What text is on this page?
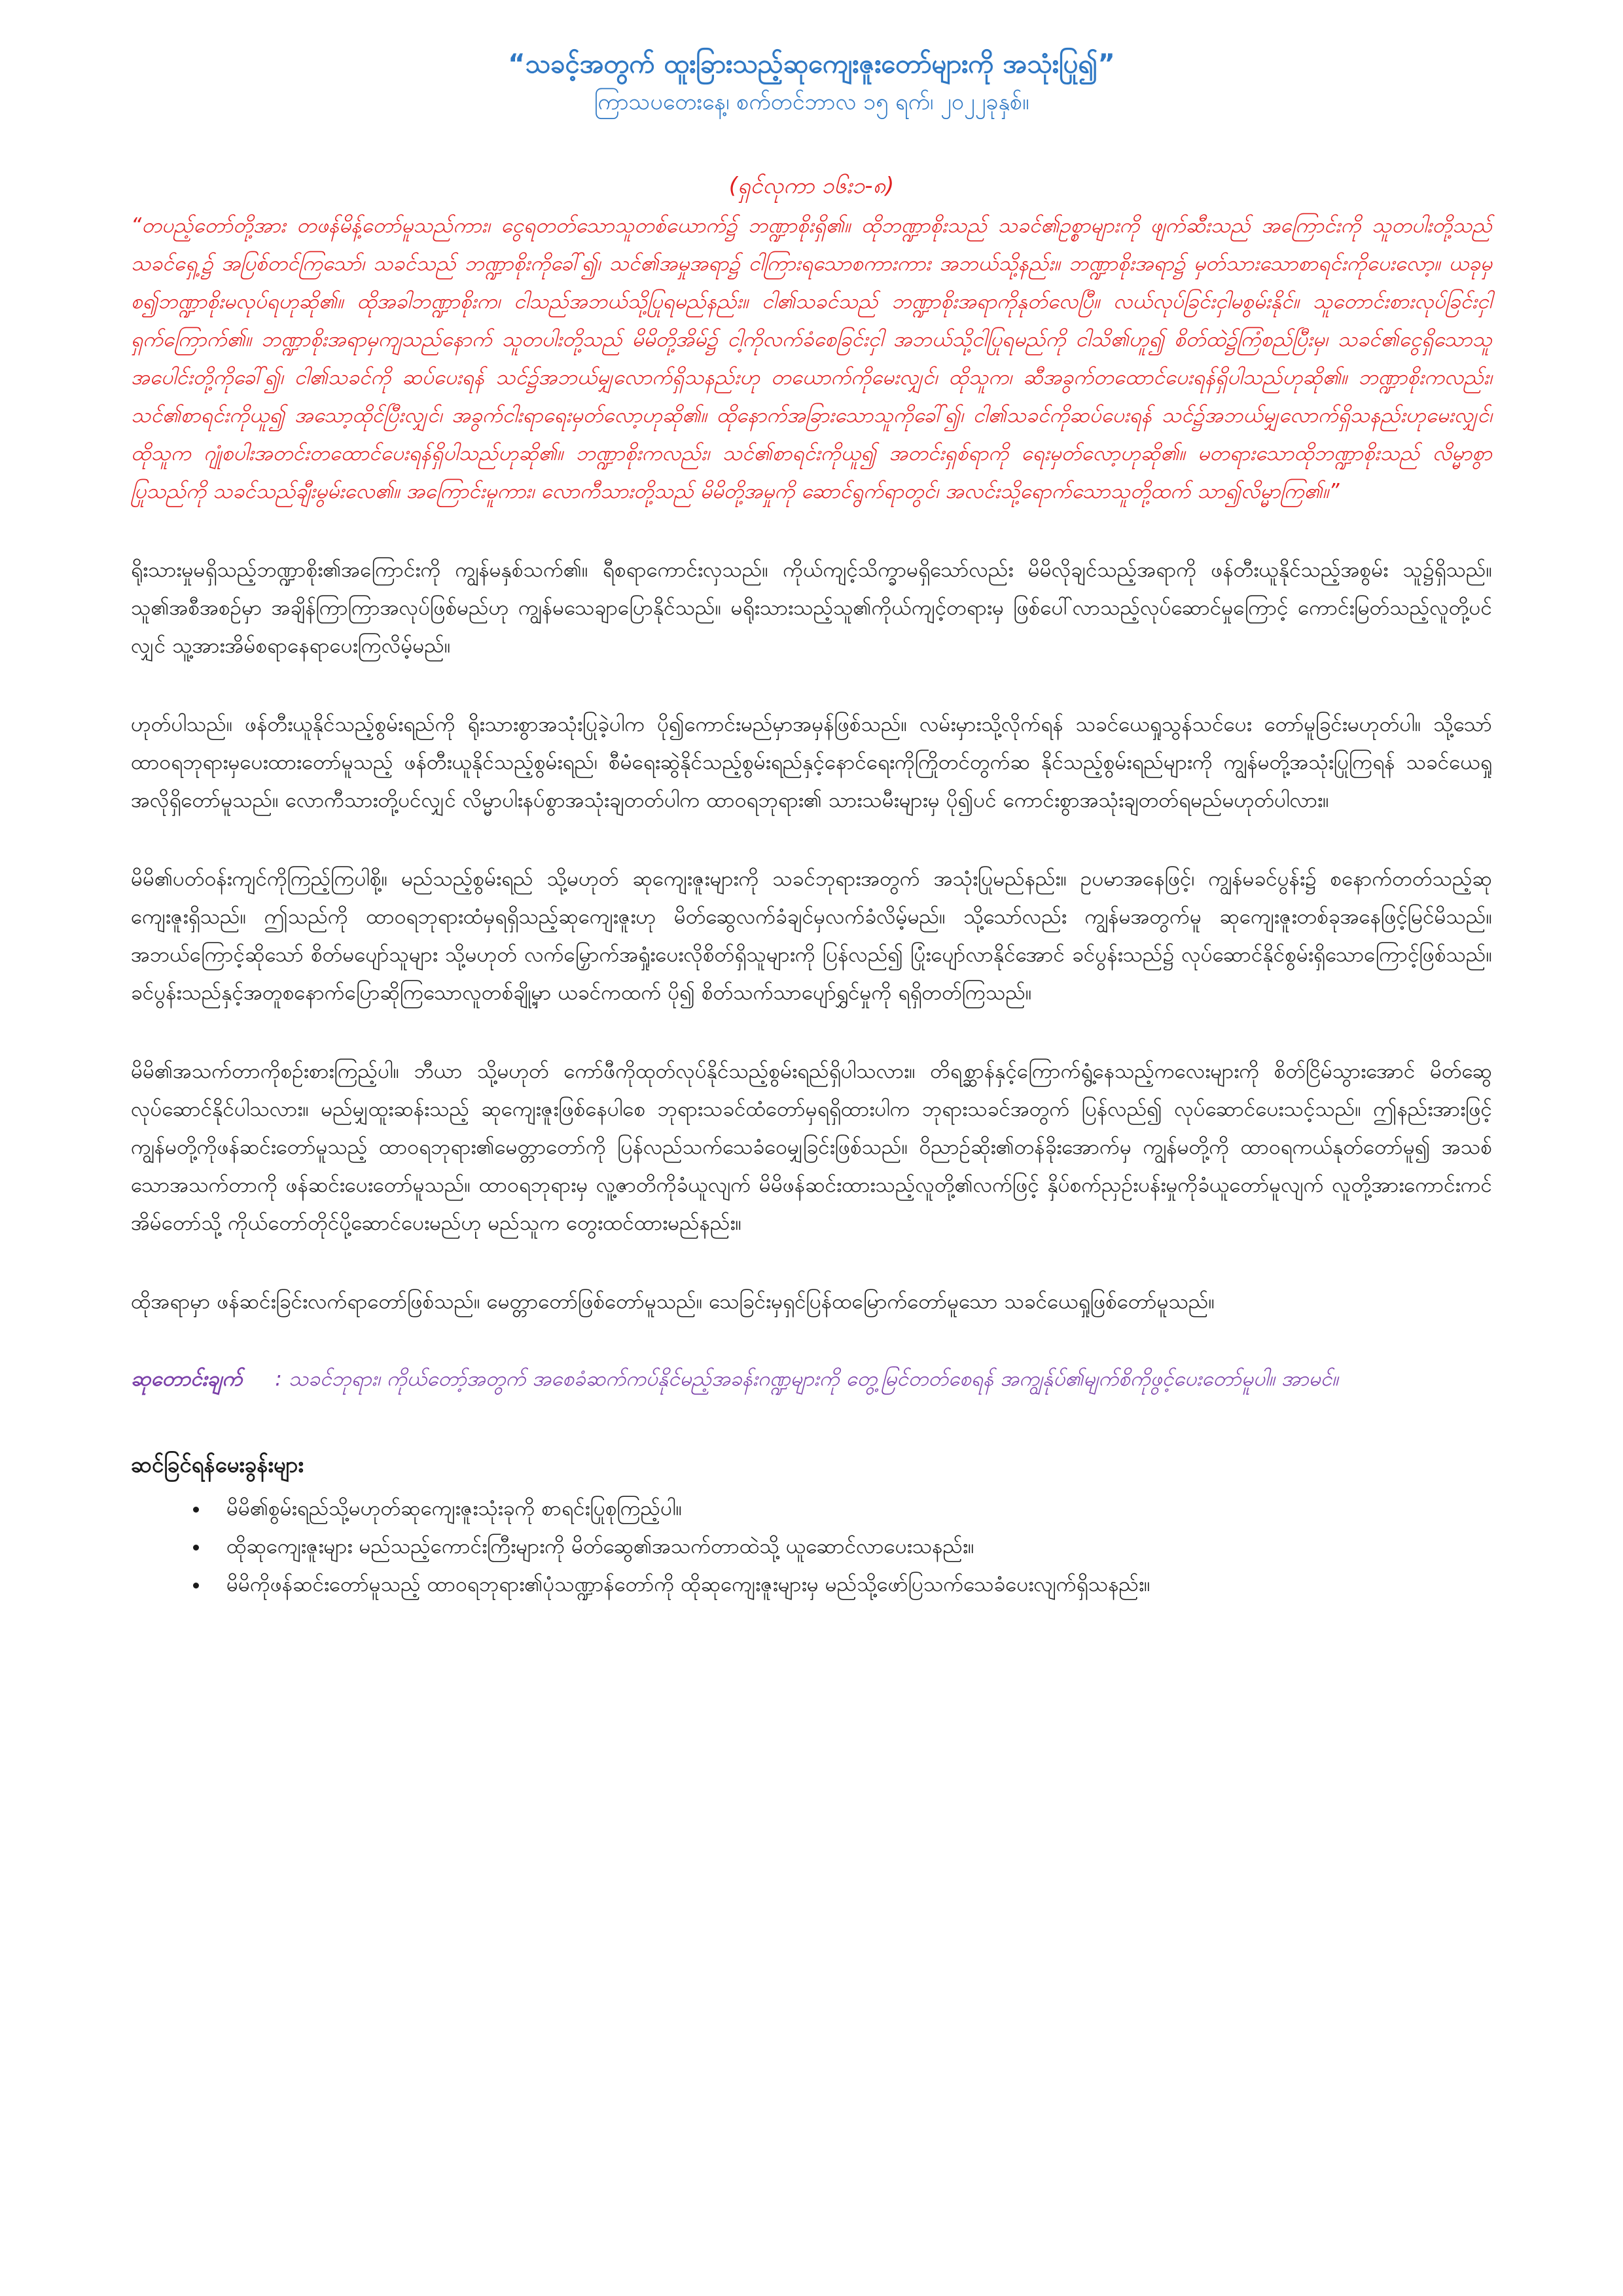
“သခင့်အတွက် ထူးခြားသည့်ဆုကျေးဇူးတော်များကို အသုံးပြု၍”

ကြာသပတေးနေ့၊ စက်တင်ဘာလ ၁၅ ရက်၊ ၂၀၂၂ခုနှစ်။

(ရှင်လုကာ ၁၆း၁-၈)

“တပည့်တော်တို့အား တဖန်မိန့်တော်မူသည်ကား၊ ငွေရတတ်သောသူတစ်ယောက်၌ ဘဏ္ဍာစိုးရှိ၏။ ထိုဘဏ္ဍာစိုးသည် သခင်၏ဥစ္စာများကို ဖျက်ဆီးသည် အကြောင်းကို သူတပါးတို့သည် သခင်ရှေ့၌ အပြစ်တင်ကြသော်၊ သခင်သည် ဘဏ္ဍာစိုးကိုခေါ်၍၊ သင်၏အမှုအရာ၌ ငါကြားရသောစကားကား အဘယ်သို့နည်း။ ဘဏ္ဍာစိုးအရာ၌ မှတ်သားသောစာရင်းကိုပေးလော့။ ယခုမှစ၍ဘဏ္ဍာစိုးမလုပ်ရဟုဆို၏။ ထိုအခါဘဏ္ဍာစိုးက၊ ငါသည်အဘယ်သို့ပြုရမည်နည်း။ ငါ၏သခင်သည် ဘဏ္ဍာစိုးအရာကိုနုတ်လေပြီ။ လယ်လုပ်ခြင်းငှါမစွမ်းနိုင်။ သူတောင်းစားလုပ်ခြင်းငှါရှက်ကြောက်၏။ ဘဏ္ဍာစိုးအရာမှကျသည်နောက် သူတပါးတို့သည် မိမိတို့အိမ်၌ ငါ့ကိုလက်ခံစေခြင်းငှါ အဘယ်သို့ငါပြုရမည်ကို ငါသိ၏ဟူ၍ စိတ်ထဲ၌ကြံစည်ပြီးမှ၊ သခင်၏ငွေရှိသောသူအပေါင်းတို့ကိုခေါ်၍၊ ငါ၏သခင်ကို ဆပ်ပေးရန် သင်၌အဘယ်မျှလောက်ရှိသနည်းဟု တယောက်ကိုမေးလျှင်၊ ထိုသူက၊ ဆီအခွက်တထောင်ပေးရန်ရှိပါသည်ဟုဆို၏။ ဘဏ္ဍာစိုးကလည်း၊ သင်၏စာရင်းကိုယူ၍ အသော့ထိုင်ပြီးလျှင်၊ အခွက်ငါးရာရေးမှတ်လော့ဟုဆို၏။ ထိုနောက်အခြားသောသူကိုခေါ်၍၊ ငါ၏သခင်ကိုဆပ်ပေးရန် သင်၌အဘယ်မျှလောက်ရှိသနည်းဟုမေးလျှင်၊ ထိုသူက ဂျုံစပါးအတင်းတထောင်ပေးရန်ရှိပါသည်ဟုဆို၏။ ဘဏ္ဍာစိုးကလည်း၊ သင်၏စာရင်းကိုယူ၍ အတင်းရှစ်ရာကို ရေးမှတ်လော့ဟုဆို၏။ မတရားသောထိုဘဏ္ဍာစိုးသည် လိမ္မာစွာပြုသည်ကို သခင်သည်ချီးမွမ်းလေ၏။ အကြောင်းမူကား၊ လောကီသားတို့သည် မိမိတို့အမှုကို ဆောင်ရွက်ရာတွင်၊ အလင်းသို့ရောက်သောသူတို့ထက် သာ၍လိမ္မာကြ၏။”

ရိုးသားမှုမရှိသည့်ဘဏ္ဍာစိုး၏အကြောင်းကို ကျွန်မနှစ်သက်၏။ ရီစရာကောင်းလှသည်။ ကိုယ်ကျင့်သိက္ခာမရှိသော်လည်း မိမိလိုချင်သည့်အရာကို ဖန်တီးယူနိုင်သည့်အစွမ်း သူ၌ရှိသည်။ သူ၏အစီအစဉ်မှာ အချိန်ကြာကြာအလုပ်ဖြစ်မည်ဟု ကျွန်မသေချာပြောနိုင်သည်။ မရိုးသားသည့်သူ၏ကိုယ်ကျင့်တရားမှ ဖြစ်ပေါ်လာသည့်လုပ်ဆောင်မှုကြောင့် ကောင်းမြတ်သည့်လူတို့ပင်လျှင် သူ့အားအိမ်စရာနေရာပေးကြလိမ့်မည်။

ဟုတ်ပါသည်။ ဖန်တီးယူနိုင်သည့်စွမ်းရည်ကို ရိုးသားစွာအသုံးပြုခဲ့ပါက ပို၍ကောင်းမည်မှာအမှန်ဖြစ်သည်။ လမ်းမှားသို့လိုက်ရန် သခင်ယေရှုသွန်သင်ပေး တော်မူခြင်းမဟုတ်ပါ။ သို့သော် ထာဝရဘုရားမှပေးထားတော်မူသည့် ဖန်တီးယူနိုင်သည့်စွမ်းရည်၊ စီမံရေးဆွဲနိုင်သည့်စွမ်းရည်နှင့်နောင်ရေးကိုကြိုတင်တွက်ဆ နိုင်သည့်စွမ်းရည်များကို ကျွန်မတို့အသုံးပြုကြရန် သခင်ယေရှုအလိုရှိတော်မူသည်။ လောကီသားတို့ပင်လျှင် လိမ္မာပါးနပ်စွာအသုံးချတတ်ပါက ထာဝရဘုရား၏ သားသမီးများမှ ပို၍ပင် ကောင်းစွာအသုံးချတတ်ရမည်မဟုတ်ပါလား။

မိမိ၏ပတ်ဝန်းကျင်ကိုကြည့်ကြပါစို့။ မည်သည့်စွမ်းရည် သို့မဟုတ် ဆုကျေးဇူးများကို သခင်ဘုရားအတွက် အသုံးပြုမည်နည်း။ ဥပမာအနေဖြင့်၊ ကျွန်မခင်ပွန်း၌ စနောက်တတ်သည့်ဆုကျေးဇူးရှိသည်။ ဤသည်ကို ထာဝရဘုရားထံမှရရှိသည့်ဆုကျေးဇူးဟု မိတ်ဆွေလက်ခံချင်မှလက်ခံလိမ့်မည်။ သို့သော်လည်း ကျွန်မအတွက်မူ ဆုကျေးဇူးတစ်ခုအနေဖြင့်မြင်မိသည်။ အဘယ်ကြောင့်ဆိုသော် စိတ်မပျော်သူများ သို့မဟုတ် လက်မြှောက်အရှုံးပေးလိုစိတ်ရှိသူများကို ပြန်လည်၍ ပြုံးပျော်လာနိုင်အောင် ခင်ပွန်းသည်၌ လုပ်ဆောင်နိုင်စွမ်းရှိသောကြောင့်ဖြစ်သည်။ ခင်ပွန်းသည်နှင့်အတူစနောက်ပြောဆိုကြသောလူတစ်ချို့မှာ ယခင်ကထက် ပို၍ စိတ်သက်သာပျော်ရွှင်မှုကို ရရှိတတ်ကြသည်။

မိမိ၏အသက်တာကိုစဉ်းစားကြည့်ပါ။ ဘီယာ သို့မဟုတ် ကော်ဖီကိုထုတ်လုပ်နိုင်သည့်စွမ်းရည်ရှိပါသလား။ တိရစ္ဆာန်နှင့်ကြောက်ရွံ့နေသည့်ကလေးများကို စိတ်ငြိမ်သွားအောင် မိတ်ဆွေလုပ်ဆောင်နိုင်ပါသလား။ မည်မျှထူးဆန်းသည့် ဆုကျေးဇူးဖြစ်နေပါစေ ဘုရားသခင်ထံတော်မှရရှိထားပါက ဘုရားသခင်အတွက် ပြန်လည်၍ လုပ်ဆောင်ပေးသင့်သည်။ ဤနည်းအားဖြင့် ကျွန်မတို့ကိုဖန်ဆင်းတော်မူသည့် ထာဝရဘုရား၏မေတ္တာတော်ကို ပြန်လည်သက်သေခံဝေမျှခြင်းဖြစ်သည်။ ဝိညာဉ်ဆိုး၏တန်ခိုးအောက်မှ ကျွန်မတို့ကို ထာဝရကယ်နုတ်တော်မူ၍ အသစ်သောအသက်တာကို ဖန်ဆင်းပေးတော်မူသည်။ ထာဝရဘုရားမှ လူ့ဇာတိကိုခံယူလျက် မိမိဖန်ဆင်းထားသည့်လူတို့၏လက်ဖြင့် နှိပ်စက်ညှဉ်းပန်းမှုကိုခံယူတော်မူလျက် လူတို့အားကောင်းကင်အိမ်တော်သို့ ကိုယ်တော်တိုင်ပို့ဆောင်ပေးမည်ဟု မည်သူက တွေးထင်ထားမည်နည်း။

ထိုအရာမှာ ဖန်ဆင်းခြင်းလက်ရာတော်ဖြစ်သည်။ မေတ္တာတော်ဖြစ်တော်မူသည်။ သေခြင်းမှရှင်ပြန်ထမြောက်တော်မူသော သခင်ယေရှုဖြစ်တော်မူသည်။

ဆုတောင်းချက် : သခင်ဘုရား၊ ကိုယ်တော့်အတွက် အစေခံဆက်ကပ်နိုင်မည့်အခန်းဂဏ္ဍများကို တွေ့မြင်တတ်စေရန် အကျွန်ုပ်၏မျက်စိကိုဖွင့်ပေးတော်မူပါ။ အာမင်။

ဆင်ခြင်ရန်မေးခွန်းများ

• မိမိ၏စွမ်းရည်သို့မဟုတ်ဆုကျေးဇူးသုံးခုကို စာရင်းပြုစုကြည့်ပါ။
• ထိုဆုကျေးဇူးများ မည်သည့်ကောင်းကြီးများကို မိတ်ဆွေ၏အသက်တာထဲသို့ ယူဆောင်လာပေးသနည်း။
• မိမိကိုဖန်ဆင်းတော်မူသည့် ထာဝရဘုရား၏ပုံသဏ္ဍာန်တော်ကို ထိုဆုကျေးဇူးများမှ မည်သို့ဖော်ပြသက်သေခံပေးလျက်ရှိသနည်း။
